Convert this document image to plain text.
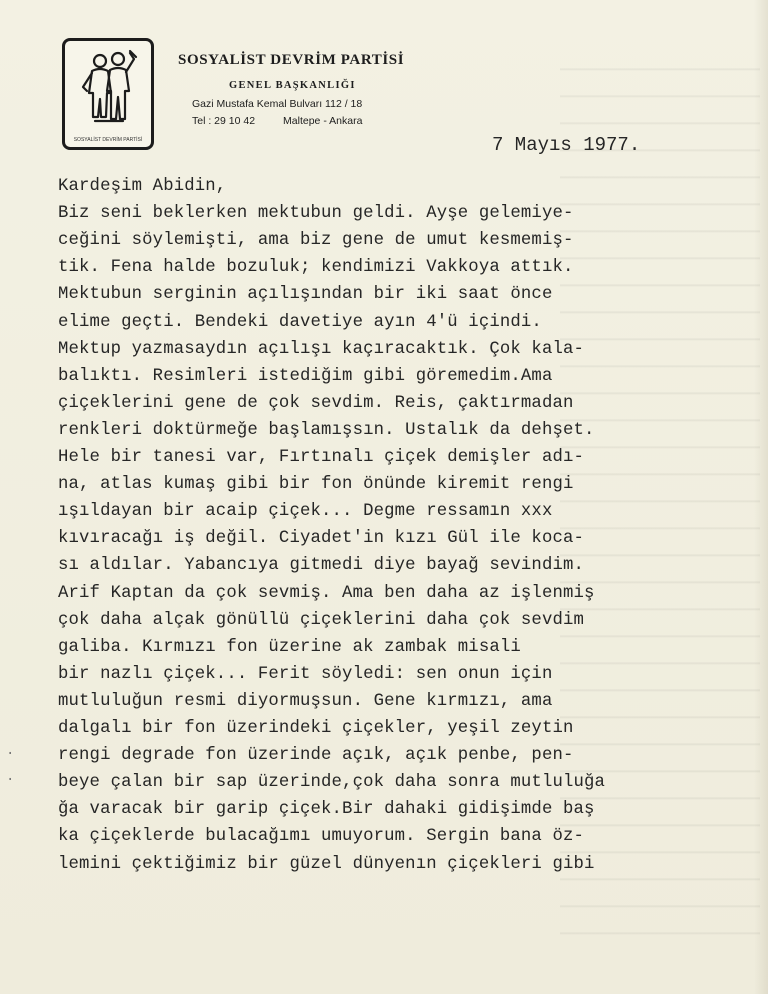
SOSYALİST DEVRİM PARTİSİ
SOSYALİST DEVRİM PARTİSİ
GENEL BAŞKANLIĞI
Gazi Mustafa Kemal Bulvarı 112 / 18
Tel : 29 10 42	Maltepe - Ankara
7 Mayıs 1977.
Kardeşim Abidin,
Biz seni beklerken mektubun geldi. Ayşe gelemiye-
ceğini söylemişti, ama biz gene de umut kesmemiş-
tik. Fena halde bozuluk; kendimizi Vakkoya attık.
Mektubun serginin açılışından bir iki saat önce
elime geçti. Bendeki davetiye ayın 4'ü içindi.
Mektup yazmasaydın açılışı kaçıracaktık. Çok kala-
balıktı. Resimleri istediğim gibi göremedim.Ama
çiçeklerini gene de çok sevdim. Reis, çaktırmadan
renkleri doktürmeğe başlamışsın. Ustalık da dehşet.
Hele bir tanesi var, Fırtınalı çiçek demişler adı-
na, atlas kumaş gibi bir fon önünde kiremit rengi
ışıldayan bir acaip çiçek... Degme ressamın xxx
kıvıracağı iş değil. Ciyadet'in kızı Gül ile koca-
sı aldılar. Yabancıya gitmedi diye bayağ sevindim.
Arif Kaptan da çok sevmiş. Ama ben daha az işlenmiş
çok daha alçak gönüllü çiçeklerini daha çok sevdim
galiba. Kırmızı fon üzerine ak zambak misali
bir nazlı çiçek... Ferit söyledi: sen onun için
mutluluğun resmi diyormuşsun. Gene kırmızı, ama
dalgalı bir fon üzerindeki çiçekler, yeşil zeytin
rengi degrade fon üzerinde açık, açık penbe, pen-
beye çalan bir sap üzerinde,çok daha sonra mutluluğa
ğa varacak bir garip çiçek.Bir dahaki gidişimde baş
ka çiçeklerde bulacağımı umuyorum. Sergin bana öz-
lemini çektiğimiz bir güzel dünyenın çiçekleri gibi
·
·
